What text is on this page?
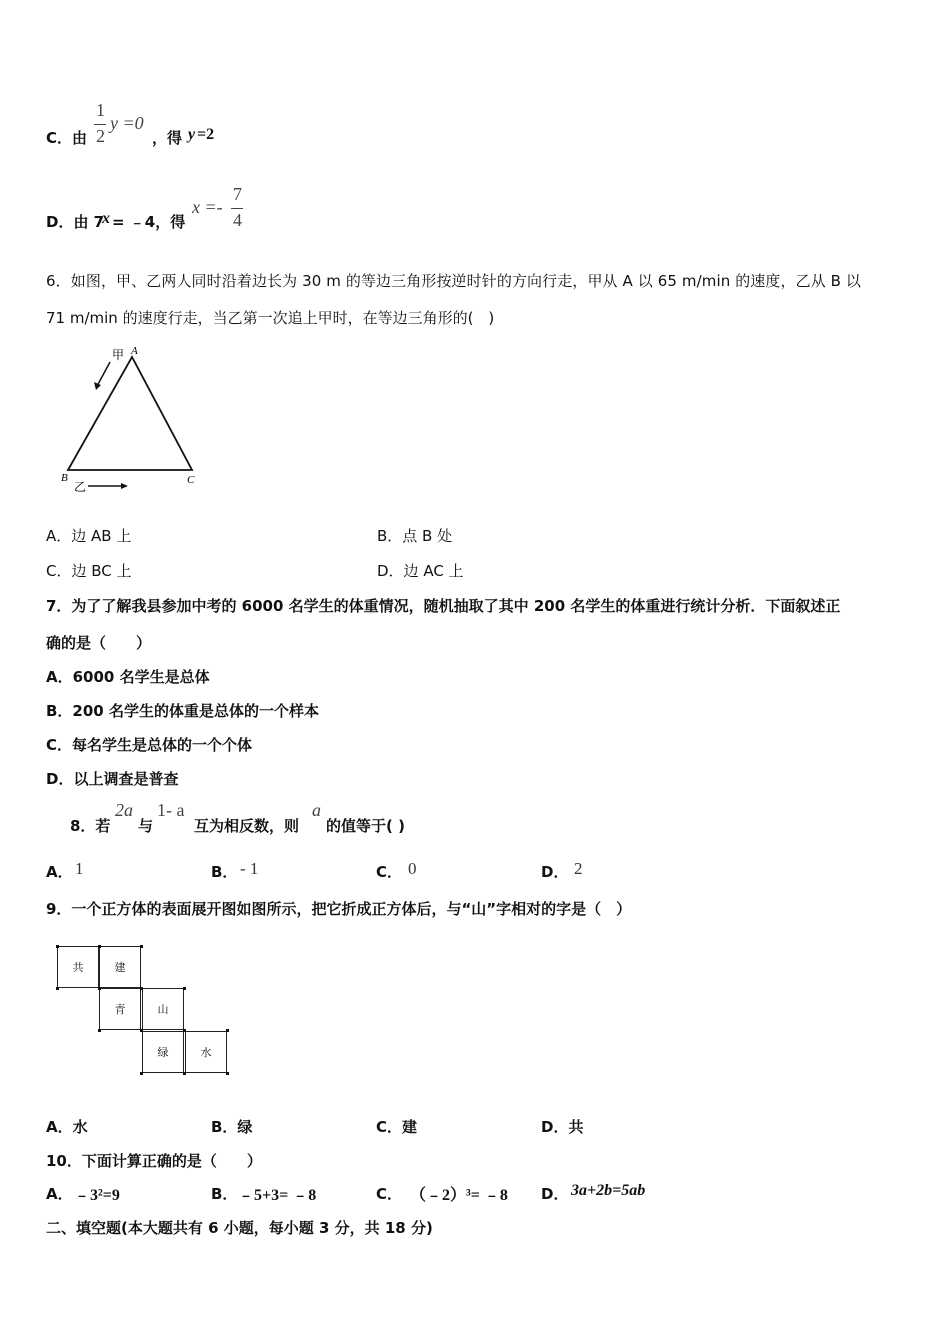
C．由
1
2
y =0
，得 y =2
D．由 7
x = ﹣4，得
x =-
7
4
6．如图，甲、乙两人同时沿着边长为 30 m 的等边三角形按逆时针的方向行走，甲从 A 以 65 m/min 的速度，乙从 B 以
71 m/min 的速度行走，当乙第一次追上甲时，在等边三角形的(　)
甲 A
B	C
乙
A．边 AB 上	B．点 B 处
C．边 BC 上	D．边 AC 上
7．为了了解我县参加中考的 6000 名学生的体重情况，随机抽取了其中 200 名学生的体重进行统计分析．下面叙述正
确的是（　　）
A．6000 名学生是总体
B．200 名学生的体重是总体的一个样本
C．每名学生是总体的一个个体
D．以上调查是普查
8．若
2a
与
1- a
互为相反数，则
a
的值等于( )
A． 1	B． - 1	C． 0	D． 2
9．一个正方体的表面展开图如图所示，把它折成正方体后，与“山”字相对的字是（　）
共	建
青	山
绿	水
A．水	B．绿	C．建	D．共
10．下面计算正确的是（　　）
A． ﹣3²=9	B． ﹣5+3= ﹣8	C． （﹣2）³= ﹣8 D． 3a+2b=5ab
二、填空题(本大题共有 6 小题，每小题 3 分，共 18 分)
